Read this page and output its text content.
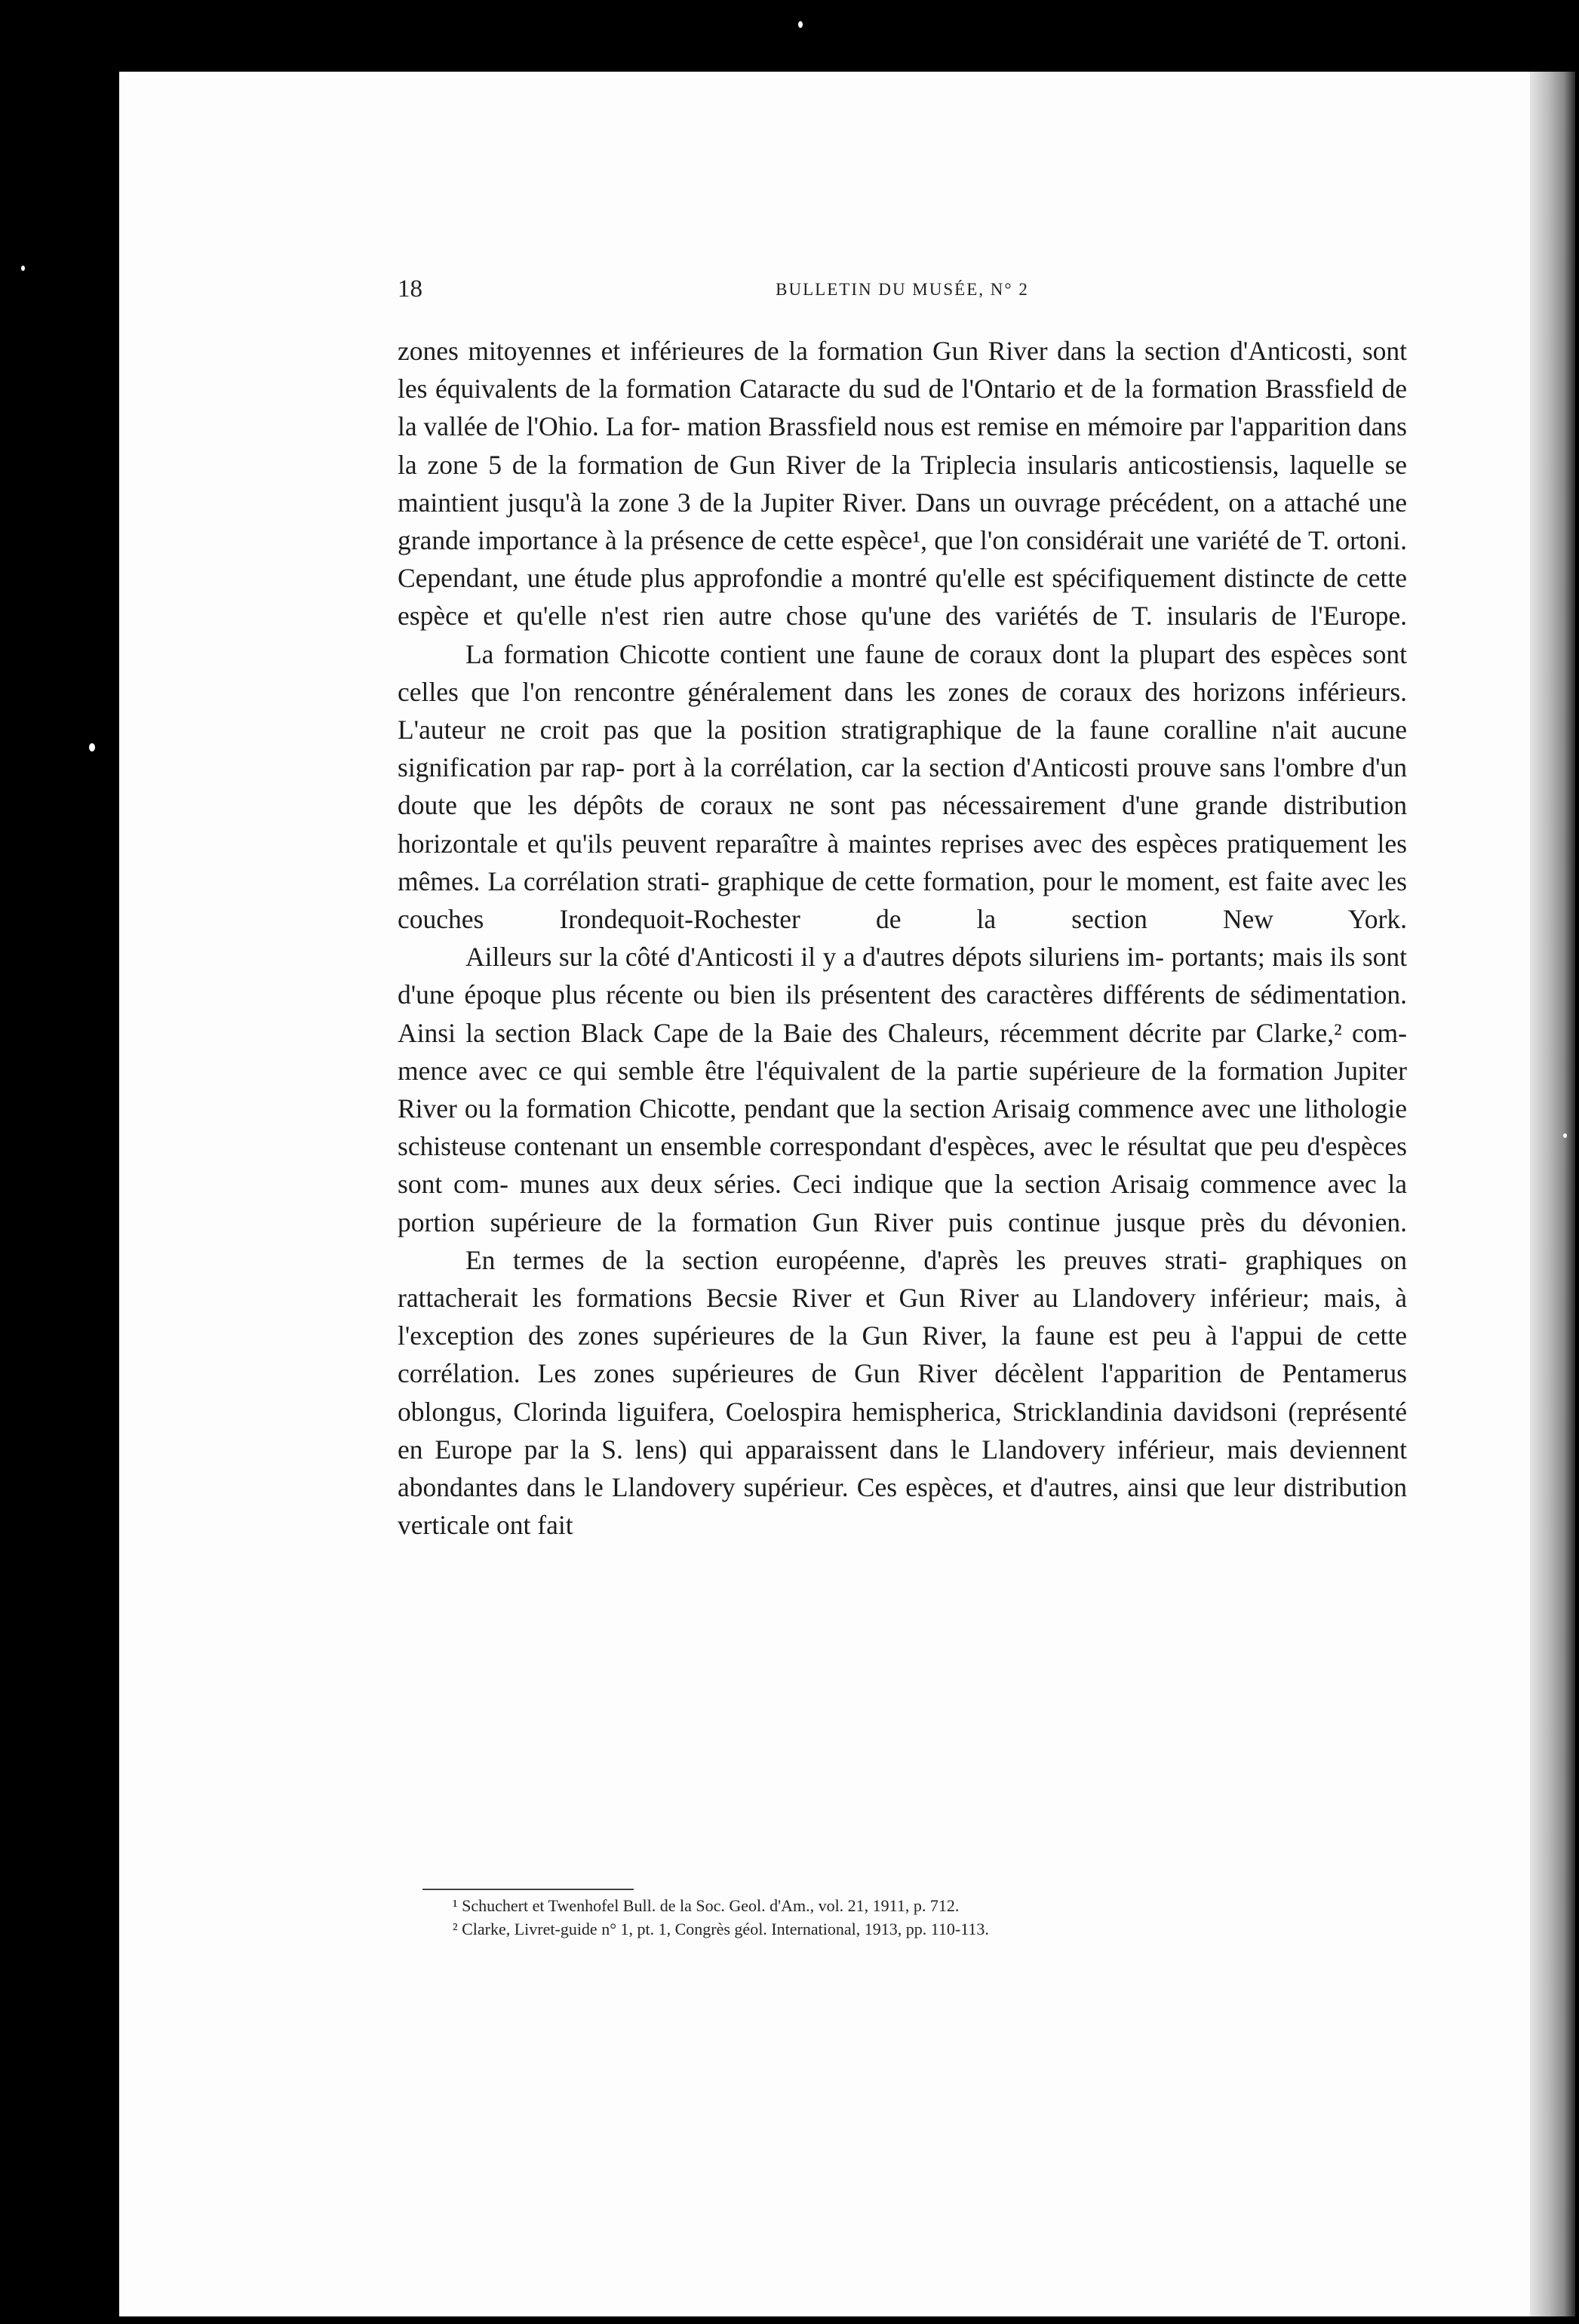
18	BULLETIN DU MUSÉE, N° 2

zones mitoyennes et inférieures de la formation Gun River dans la section d'Anticosti, sont les équivalents de la formation Cataracte du sud de l'Ontario et de la formation Brassfield de la vallée de l'Ohio. La for- mation Brassfield nous est remise en mémoire par l'apparition dans la zone 5 de la formation de Gun River de la Triplecia insularis anticostiensis, laquelle se maintient jusqu'à la zone 3 de la Jupiter River. Dans un ouvrage précédent, on a attaché une grande importance à la présence de cette espèce¹, que l'on considérait une variété de T. ortoni. Cependant, une étude plus approfondie a montré qu'elle est spécifiquement distincte de cette espèce et qu'elle n'est rien autre chose qu'une des variétés de T. insularis de l'Europe.

La formation Chicotte contient une faune de coraux dont la plupart des espèces sont celles que l'on rencontre généralement dans les zones de coraux des horizons inférieurs. L'auteur ne croit pas que la position stratigraphique de la faune coralline n'ait aucune signification par rap- port à la corrélation, car la section d'Anticosti prouve sans l'ombre d'un doute que les dépôts de coraux ne sont pas nécessairement d'une grande distribution horizontale et qu'ils peuvent reparaître à maintes reprises avec des espèces pratiquement les mêmes. La corrélation strati- graphique de cette formation, pour le moment, est faite avec les couches	Irondequoit-Rochester de la section New York.

Ailleurs sur la côté d'Anticosti il y a d'autres dépots siluriens im- portants; mais ils sont d'une époque plus récente ou bien ils présentent des caractères différents de sédimentation. Ainsi la section Black Cape de la Baie des Chaleurs, récemment décrite par Clarke,² com- mence avec ce qui semble être l'équivalent de la partie supérieure de la formation Jupiter River ou la formation Chicotte, pendant que la section Arisaig commence avec une lithologie schisteuse contenant un ensemble correspondant d'espèces, avec le résultat que peu d'espèces sont com- munes aux deux séries. Ceci indique que la section Arisaig commence avec la portion supérieure de la formation Gun River puis continue jusque près du dévonien.

En termes de la section européenne, d'après les preuves strati- graphiques on rattacherait les formations Becsie River et Gun River au Llandovery inférieur; mais, à l'exception des zones supérieures de la Gun River, la faune est peu à l'appui de cette corrélation. Les zones supérieures de Gun River décèlent l'apparition de Pentamerus oblongus, Clorinda liguifera, Coelospira hemispherica, Stricklandinia davidsoni (représenté en Europe par la S. lens) qui apparaissent dans le Llandovery inférieur, mais deviennent abondantes dans le Llandovery supérieur. Ces espèces, et d'autres, ainsi que leur distribution verticale ont fait

¹ Schuchert et Twenhofel Bull. de la Soc. Geol. d'Am., vol. 21, 1911, p. 712.

² Clarke, Livret-guide n° 1, pt. 1, Congrès géol. International, 1913, pp. 110-113.
